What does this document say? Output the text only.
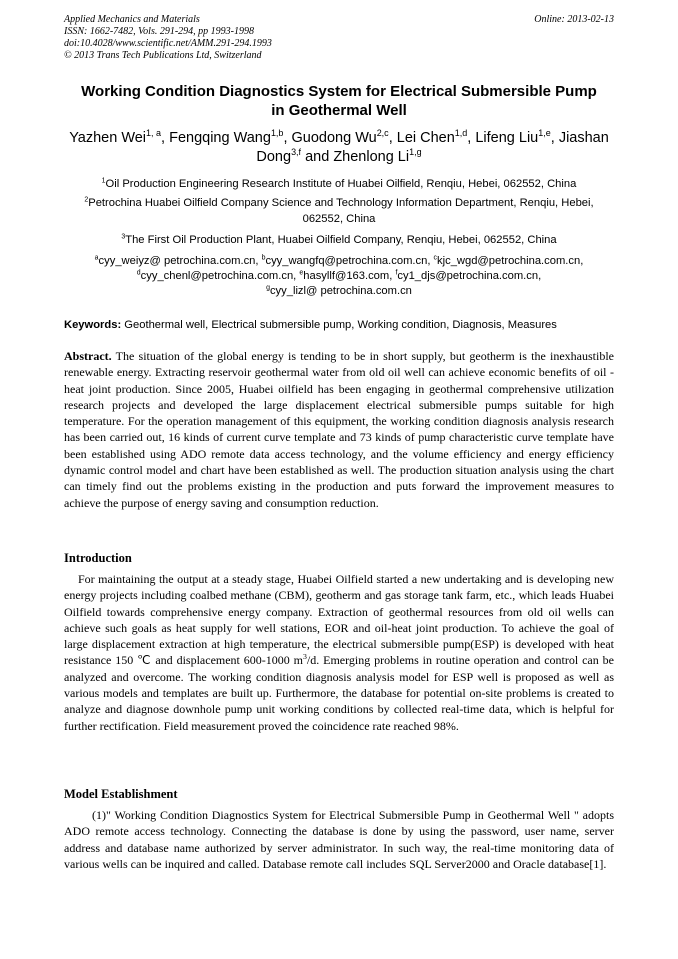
Applied Mechanics and Materials
ISSN: 1662-7482, Vols. 291-294, pp 1993-1998
doi:10.4028/www.scientific.net/AMM.291-294.1993
© 2013 Trans Tech Publications Ltd, Switzerland
Online: 2013-02-13
Working Condition Diagnostics System for Electrical Submersible Pump
in Geothermal Well
Yazhen Wei$^{1, a}$, Fengqing Wang$^{1,b}$, Guodong Wu$^{2,c}$, Lei Chen$^{1,d}$, Lifeng Liu$^{1,e}$, Jiashan Dong$^{3,f}$ and Zhenlong Li$^{1,g}$
$^1$Oil Production Engineering Research Institute of Huabei Oilfield, Renqiu, Hebei, 062552, China
$^2$Petrochina Huabei Oilfield Company Science and Technology Information Department, Renqiu, Hebei, 062552, China
$^3$The First Oil Production Plant, Huabei Oilfield Company, Renqiu, Hebei, 062552, China
$^a$cyy_weiyz@ petrochina.com.cn, $^b$cyy_wangfq@petrochina.com.cn, $^c$kjc_wgd@petrochina.com.cn,
$^d$cyy_chenl@petrochina.com.cn, $^e$hasyllf@163.com, $^f$cy1_djs@petrochina.com.cn,
$^g$cyy_lizl@ petrochina.com.cn
Keywords: Geothermal well, Electrical submersible pump, Working condition, Diagnosis, Measures
Abstract. The situation of the global energy is tending to be in short supply, but geotherm is the inexhaustible renewable energy. Extracting reservoir geothermal water from old oil well can achieve economic benefits of oil - heat joint production. Since 2005, Huabei oilfield has been engaging in geothermal comprehensive utilization research projects and developed the large displacement electrical submersible pumps suitable for high temperature. For the operation management of this equipment, the working condition diagnosis analysis research has been carried out, 16 kinds of current curve template and 73 kinds of pump characteristic curve template have been established using ADO remote data access technology, and the volume efficiency and energy efficiency dynamic control model and chart have been established as well. The production situation analysis using the chart can timely find out the problems existing in the production and puts forward the improvement measures to achieve the purpose of energy saving and consumption reduction.
Introduction
For maintaining the output at a steady stage, Huabei Oilfield started a new undertaking and is developing new energy projects including coalbed methane (CBM), geotherm and gas storage tank farm, etc., which leads Huabei Oilfield towards comprehensive energy company. Extraction of geothermal resources from old oil wells can achieve such goals as heat supply for well stations, EOR and oil-heat joint production. To achieve the goal of large displacement extraction at high temperature, the electrical submersible pump(ESP) is developed with heat resistance 150 ℃ and displacement 600-1000 $m^3/d$. Emerging problems in routine operation and control can be analyzed and overcome. The working condition diagnosis analysis model for ESP well is proposed as well as various models and templates are built up. Furthermore, the database for potential on-site problems is created to analyze and diagnose downhole pump unit working conditions by collected real-time data, which is helpful for further rectification. Field measurement proved the coincidence rate reached 98%.
Model Establishment
(1)" Working Condition Diagnostics System for Electrical Submersible Pump in Geothermal Well " adopts ADO remote access technology. Connecting the database is done by using the password, user name, server address and database name authorized by server administrator. In such way, the real-time monitoring data of various wells can be inquired and called. Database remote call includes SQL Server2000 and Oracle database[1].
